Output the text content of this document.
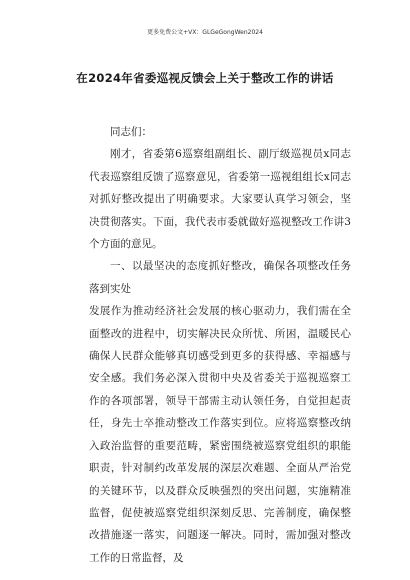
更多免费公文+VX：GLGeGongWen2024
在2024年省委巡视反馈会上关于整改工作的讲话

同志们：

刚才，省委第6巡察组副组长、副厅级巡视员x同志代表巡察组反馈了巡察意见，省委第一巡视组组长x同志对抓好整改提出了明确要求。大家要认真学习领会，坚决贯彻落实。下面，我代表市委就做好巡视整改工作讲3个方面的意见。

一、以最坚决的态度抓好整改，确保各项整改任务落到实处

发展作为推动经济社会发展的核心驱动力，我们需在全面整改的进程中，切实解决民众所忧、所困，温暖民心确保人民群众能够真切感受到更多的获得感、幸福感与安全感。我们务必深入贯彻中央及省委关于巡视巡察工作的各项部署，领导干部需主动认领任务，自觉担起责任，身先士卒推动整改工作落实到位。应将巡察整改纳入政治监督的重要范畴，紧密围绕被巡察党组织的职能职责，针对制约改革发展的深层次难题、全面从严治党的关键环节，以及群众反映强烈的突出问题，实施精准监督，促使被巡察党组织深刻反思、完善制度，确保整改措施逐一落实，问题逐一解决。同时，需加强对整改工作的日常监督，及
